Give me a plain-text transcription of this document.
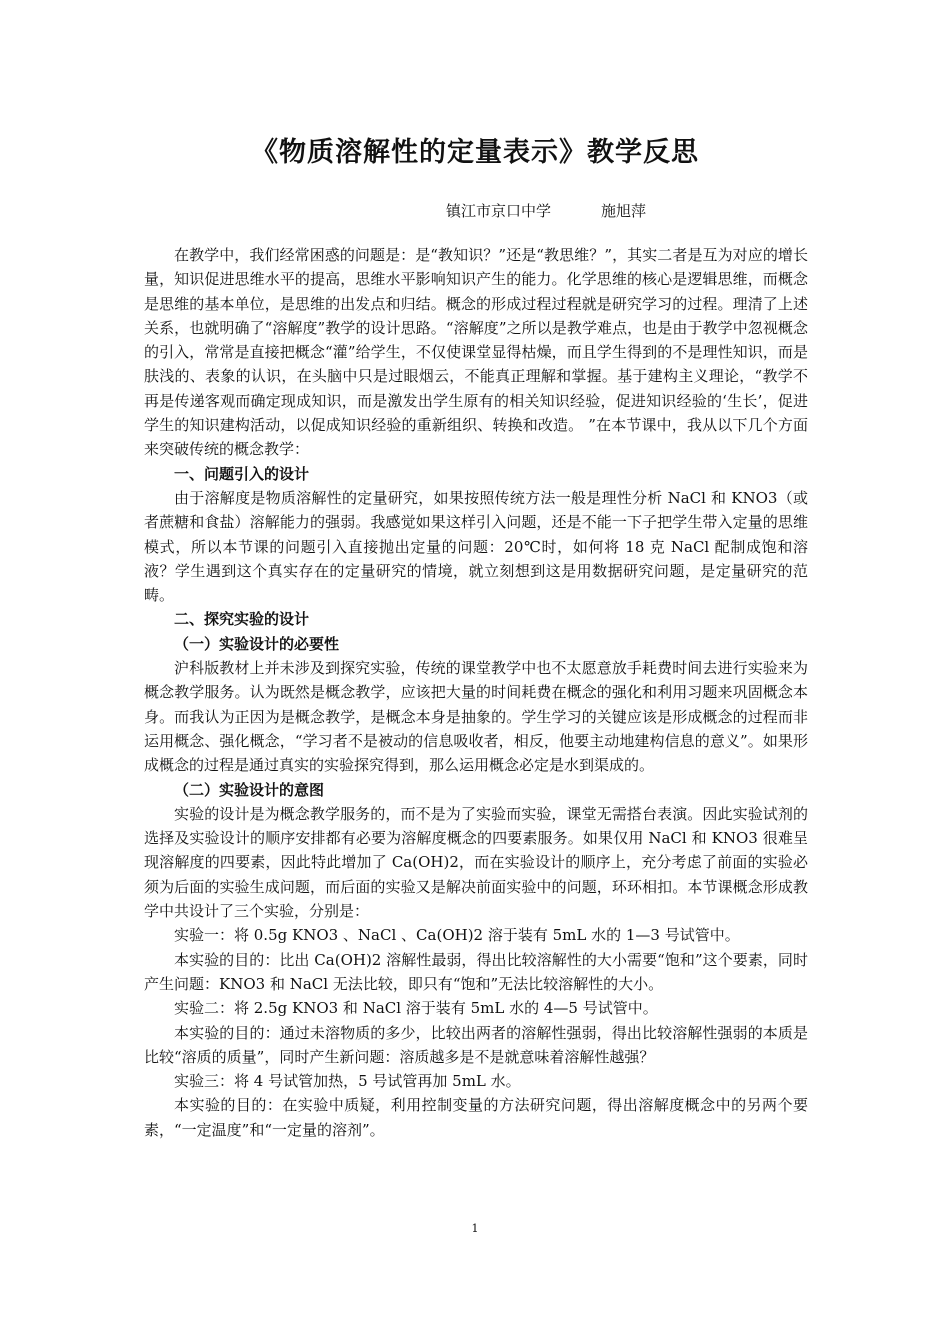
《物质溶解性的定量表示》教学反思
镇江市京口中学	施旭萍

在教学中，我们经常困惑的问题是：是“教知识？”还是“教思维？”，其实二者是互为对应的增长量，知识促进思维水平的提高，思维水平影响知识产生的能力。化学思维的核心是逻辑思维，而概念是思维的基本单位，是思维的出发点和归结。概念的形成过程过程就是研究学习的过程。理清了上述关系，也就明确了“溶解度”教学的设计思路。“溶解度”之所以是教学难点，也是由于教学中忽视概念的引入，常常是直接把概念“灌”给学生，不仅使课堂显得枯燥，而且学生得到的不是理性知识，而是肤浅的、表象的认识，在头脑中只是过眼烟云，不能真正理解和掌握。基于建构主义理论，“教学不再是传递客观而确定现成知识，而是激发出学生原有的相关知识经验，促进知识经验的‘生长’，促进学生的知识建构活动，以促成知识经验的重新组织、转换和改造。 ”在本节课中，我从以下几个方面来突破传统的概念教学：

一、问题引入的设计

由于溶解度是物质溶解性的定量研究，如果按照传统方法一般是理性分析 NaCl 和 KNO3（或者蔗糖和食盐）溶解能力的强弱。我感觉如果这样引入问题，还是不能一下子把学生带入定量的思维模式，所以本节课的问题引入直接抛出定量的问题：20℃时，如何将 18 克 NaCl 配制成饱和溶液？学生遇到这个真实存在的定量研究的情境，就立刻想到这是用数据研究问题，是定量研究的范畴。

二、探究实验的设计

（一）实验设计的必要性

沪科版教材上并未涉及到探究实验，传统的课堂教学中也不太愿意放手耗费时间去进行实验来为概念教学服务。认为既然是概念教学，应该把大量的时间耗费在概念的强化和利用习题来巩固概念本身。而我认为正因为是概念教学，是概念本身是抽象的。学生学习的关键应该是形成概念的过程而非运用概念、强化概念，“学习者不是被动的信息吸收者，相反，他要主动地建构信息的意义”。如果形成概念的过程是通过真实的实验探究得到，那么运用概念必定是水到渠成的。

（二）实验设计的意图

实验的设计是为概念教学服务的，而不是为了实验而实验，课堂无需搭台表演。因此实验试剂的选择及实验设计的顺序安排都有必要为溶解度概念的四要素服务。如果仅用 NaCl 和 KNO3 很难呈现溶解度的四要素，因此特此增加了 Ca(OH)2，而在实验设计的顺序上，充分考虑了前面的实验必须为后面的实验生成问题，而后面的实验又是解决前面实验中的问题，环环相扣。本节课概念形成教学中共设计了三个实验，分别是：

实验一：将 0.5g KNO3 、NaCl 、Ca(OH)2 溶于装有 5mL 水的 1—3 号试管中。

本实验的目的：比出 Ca(OH)2 溶解性最弱，得出比较溶解性的大小需要“饱和”这个要素，同时产生问题：KNO3 和 NaCl 无法比较，即只有“饱和”无法比较溶解性的大小。

实验二：将 2.5g KNO3 和 NaCl 溶于装有 5mL 水的 4—5 号试管中。

本实验的目的：通过未溶物质的多少，比较出两者的溶解性强弱，得出比较溶解性强弱的本质是比较“溶质的质量”，同时产生新问题：溶质越多是不是就意味着溶解性越强？

实验三：将 4 号试管加热，5 号试管再加 5mL 水。

本实验的目的：在实验中质疑，利用控制变量的方法研究问题，得出溶解度概念中的另两个要素，“一定温度”和“一定量的溶剂”。

1
